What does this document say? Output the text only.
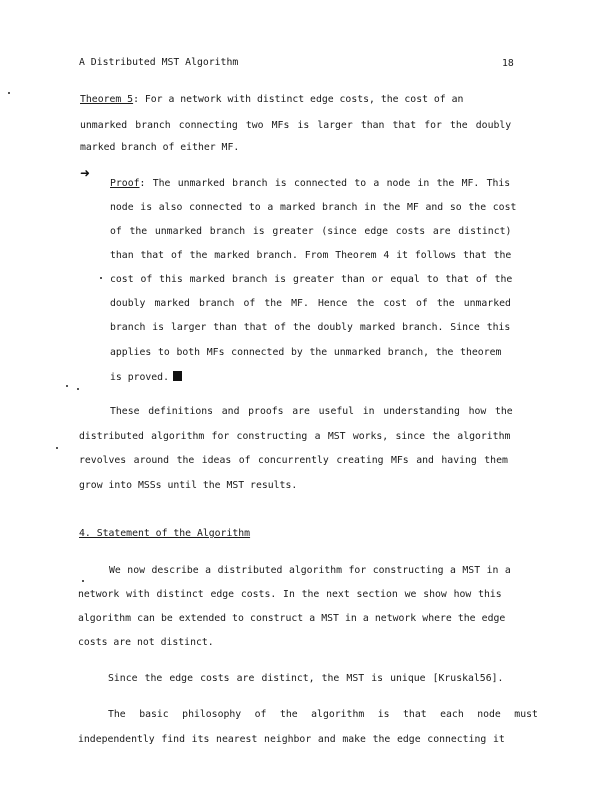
A Distributed MST Algorithm	18
Theorem 5: For a network with distinct edge costs, the cost of an
unmarked branch connecting two MFs is larger than that for the doubly
marked branch of either MF.
➜
Proof: The unmarked branch is connected to a node in the MF. This
node is also connected to a marked branch in the MF and so the cost
of the unmarked branch is greater (since edge costs are distinct)
than that of the marked branch. From Theorem 4 it follows that the
cost of this marked branch is greater than or equal to that of the
doubly marked branch of the MF. Hence the cost of the unmarked
branch is larger than that of the doubly marked branch. Since this
applies to both MFs connected by the unmarked branch, the theorem
is proved.
These definitions and proofs are useful in understanding how the
distributed algorithm for constructing a MST works, since the algorithm
revolves around the ideas of concurrently creating MFs and having them
grow into MSSs until the MST results.
4. Statement of the Algorithm
We now describe a distributed algorithm for constructing a MST in a
network with distinct edge costs. In the next section we show how this
algorithm can be extended to construct a MST in a network where the edge
costs are not distinct.
Since the edge costs are distinct, the MST is unique [Kruskal56].
The basic philosophy of the algorithm is that each node must
independently find its nearest neighbor and make the edge connecting it
